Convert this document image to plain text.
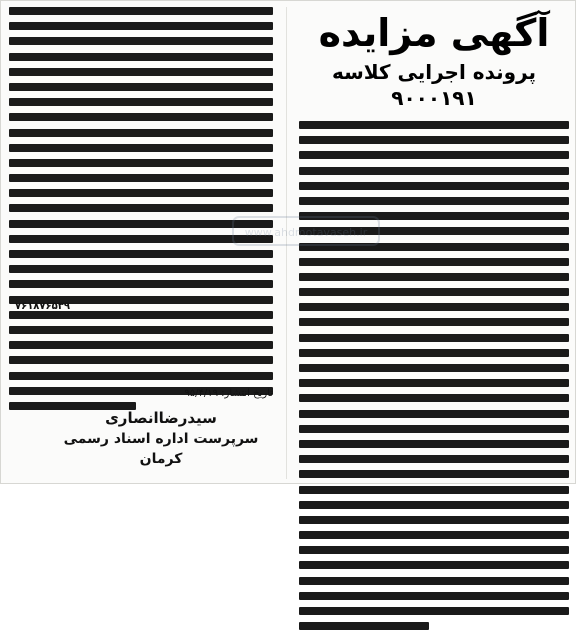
آگهی مزایده
پرونده اجرایی کلاسه ۹۰۰۰۱۹۱
۷۶۱۸۷۶۵۳۹
تاریخ انتشار: ۹۵/۴/۱۹
سیدرضاانصاری
سرپرست اداره اسناد رسمی کرمان
www.ahdmotavaseh.ir
